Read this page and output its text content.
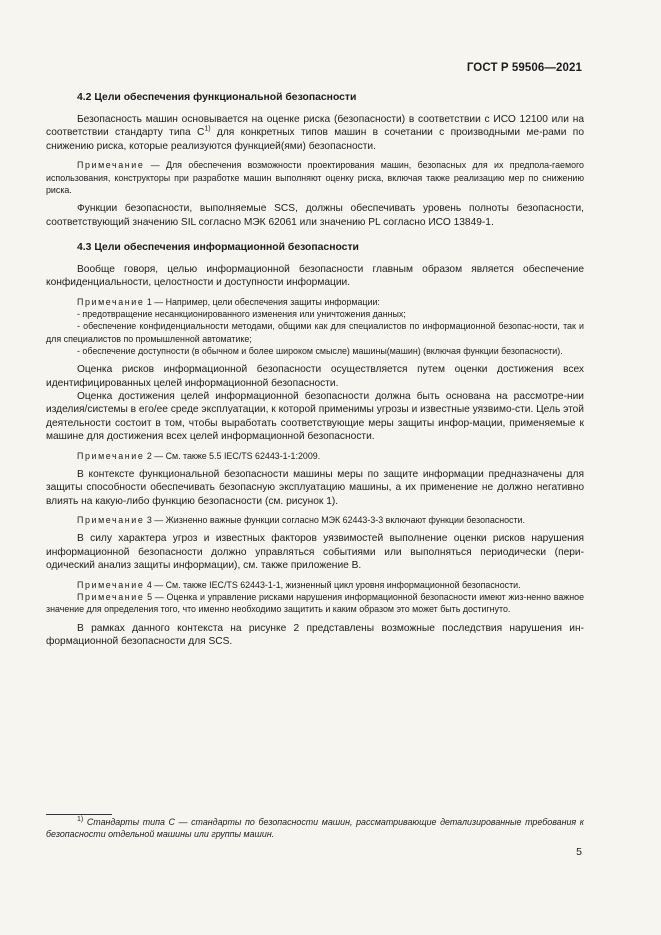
ГОСТ Р 59506—2021
4.2 Цели обеспечения функциональной безопасности

Безопасность машин основывается на оценке риска (безопасности) в соответствии с ИСО 12100 или на соответствии стандарту типа $С^{1)}$ для конкретных типов машин в сочетании с производными ме-рами по снижению риска, которые реализуются функцией(ями) безопасности.

Примечание — Для обеспечения возможности проектирования машин, безопасных для их предпола-гаемого использования, конструкторы при разработке машин выполняют оценку риска, включая также реализацию мер по снижению риска.

Функции безопасности, выполняемые SCS, должны обеспечивать уровень полноты безопасности, соответствующий значению SIL согласно МЭК 62061 или значению PL согласно ИСО 13849-1.

4.3 Цели обеспечения информационной безопасности

Вообще говоря, целью информационной безопасности главным образом является обеспечение конфиденциальности, целостности и доступности информации.

Примечание 1 — Например, цели обеспечения защиты информации:

- предотвращение несанкционированного изменения или уничтожения данных;

- обеспечение конфиденциальности методами, общими как для специалистов по информационной безопас-ности, так и для специалистов по промышленной автоматике;

- обеспечение доступности (в обычном и более широком смысле) машины(машин) (включая функции безопасности).

Оценка рисков информационной безопасности осуществляется путем оценки достижения всех идентифицированных целей информационной безопасности.

Оценка достижения целей информационной безопасности должна быть основана на рассмотре-нии изделия/системы в его/ее среде эксплуатации, к которой применимы угрозы и известные уязвимо-сти. Цель этой деятельности состоит в том, чтобы выработать соответствующие меры защиты инфор-мации, применяемые к машине для достижения всех целей информационной безопасности.

Примечание 2 — См. также 5.5 IEC/TS 62443-1-1:2009.

В контексте функциональной безопасности машины меры по защите информации предназначены для защиты способности обеспечивать безопасную эксплуатацию машины, а их применение не должно негативно влиять на какую-либо функцию безопасности (см. рисунок 1).

Примечание 3 — Жизненно важные функции согласно МЭК 62443-3-3 включают функции безопасности.

В силу характера угроз и известных факторов уязвимостей выполнение оценки рисков нарушения информационной безопасности должно управляться событиями или выполняться периодически (пери-одический анализ защиты информации), см. также приложение В.

Примечание 4 — См. также IEC/TS 62443-1-1, жизненный цикл уровня информационной безопасности.

Примечание 5 — Оценка и управление рисками нарушения информационной безопасности имеют жиз-ненно важное значение для определения того, что именно необходимо защитить и каким образом это может быть достигнуто.

В рамках данного контекста на рисунке 2 представлены возможные последствия нарушения ин-формационной безопасности для SCS.

$^{1)}$ Стандарты типа С — стандарты по безопасности машин, рассматривающие детализированные требования к безопасности отдельной машины или группы машин.
5
